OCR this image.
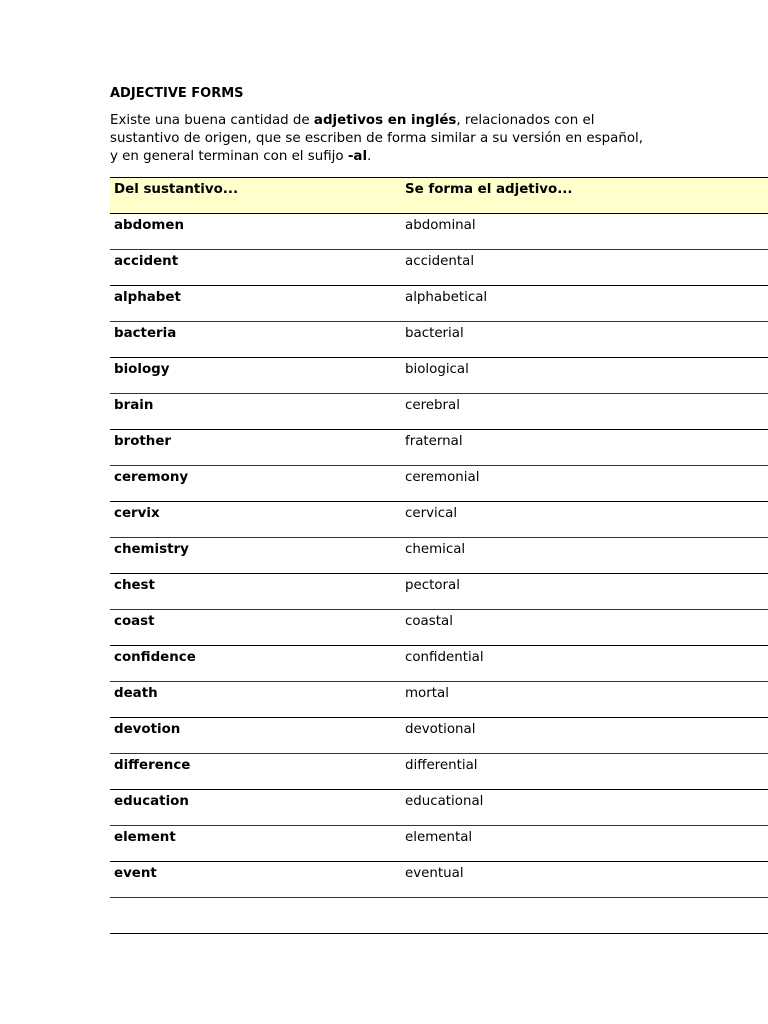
ADJECTIVE FORMS
Existe una buena cantidad de adjetivos en inglés, relacionados con el sustantivo de origen, que se escriben de forma similar a su versión en español, y en general terminan con el sufijo -al.
Del sustantivo...	Se forma el adjetivo...
abdomen	abdominal
accident	accidental
alphabet	alphabetical
bacteria	bacterial
biology	biological
brain	cerebral
brother	fraternal
ceremony	ceremonial
cervix	cervical
chemistry	chemical
chest	pectoral
coast	coastal
confidence	confidential
death	mortal
devotion	devotional
difference	differential
education	educational
element	elemental
event	eventual
